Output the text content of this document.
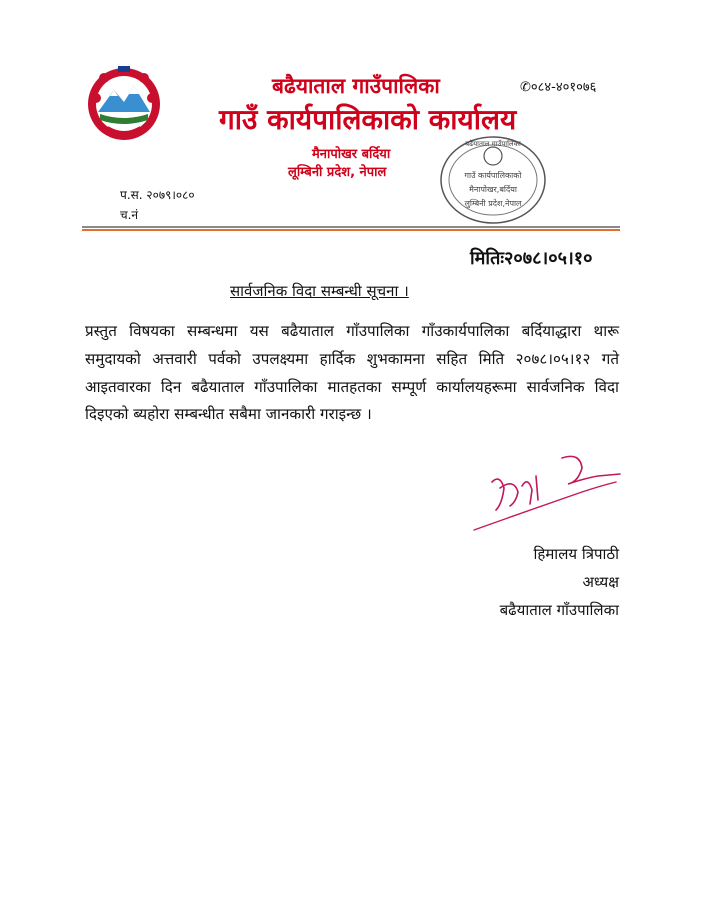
बढैयाताल गाउँपालिका
गाउँ कार्यपालिकाको कार्यालय
मैनापोखर बर्दिया
लूम्बिनी प्रदेश, नेपाल
✆०८४-४०१०७६
बढैयाताल गाउँपालिका
गाउँ कार्यपालिकाको
मैनापोखर,बर्दिया
लुम्बिनी प्रदेश,नेपाल
प.स. २०७९।०८०
च.नं
मितिः२०७८।०५।१०
सार्वजनिक विदा सम्बन्धी सूचना ।

प्रस्तुत विषयका सम्बन्धमा यस बढैयाताल गाँउपालिका गाँउकार्यपालिका बर्दियाद्धारा थारू समुदायको अत्तवारी पर्वको उपलक्ष्यमा हार्दिक शुभकामना सहित मिति २०७८।०५।१२ गते आइतवारका दिन बढैयाताल गाँउपालिका मातहतका सम्पूर्ण कार्यालयहरूमा सार्वजनिक विदा दिइएको ब्यहोरा सम्बन्धीत सबैमा जानकारी गराइन्छ ।

हिमालय त्रिपाठी
अध्यक्ष
बढैयाताल गाँउपालिका
